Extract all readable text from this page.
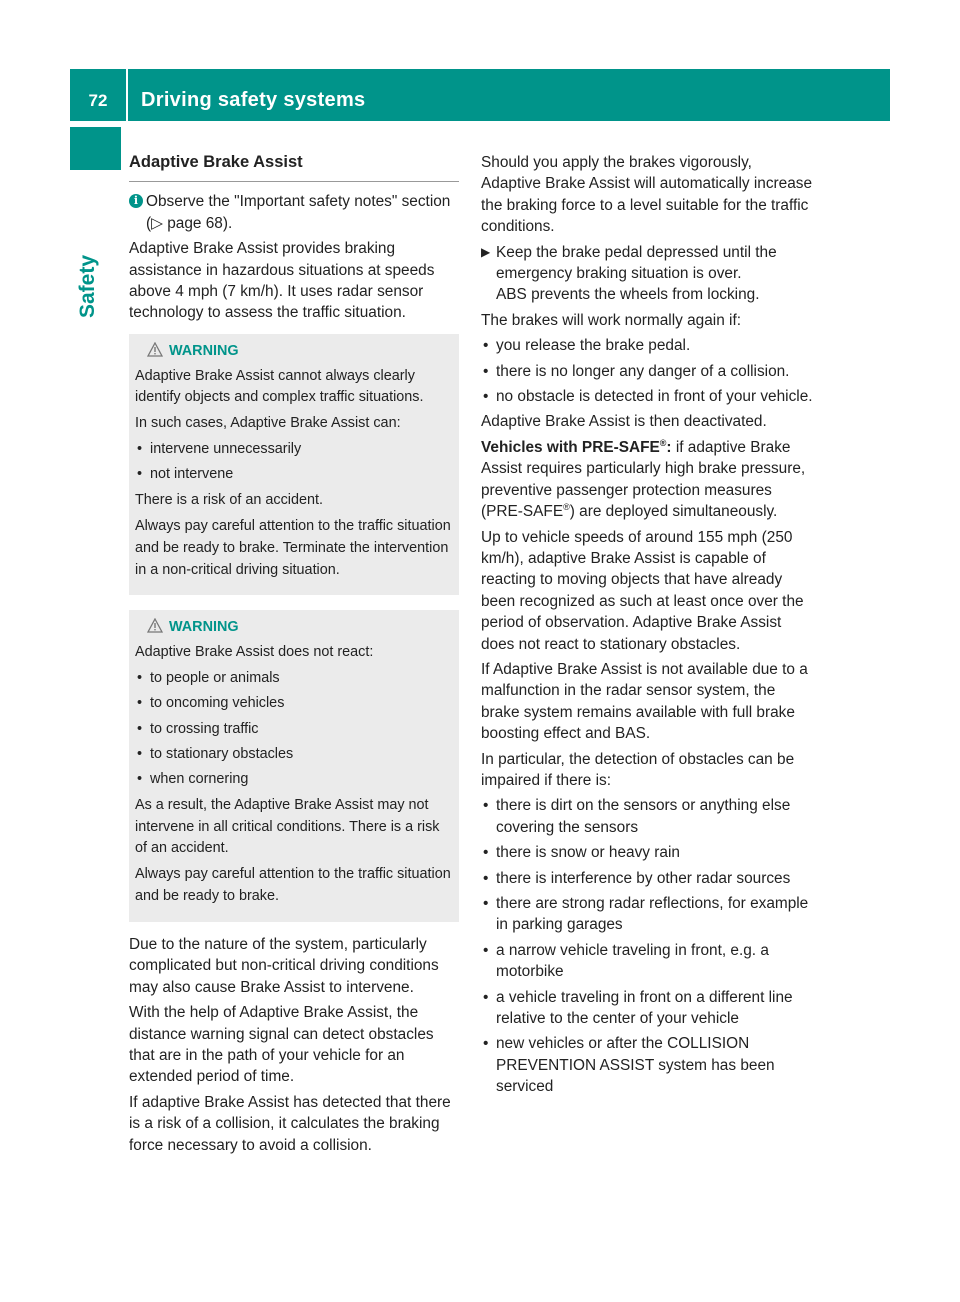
72	Driving safety systems
Safety
Adaptive Brake Assist
i Observe the "Important safety notes" section (▷ page 68).

Adaptive Brake Assist provides braking assistance in hazardous situations at speeds above 4 mph (7 km/h). It uses radar sensor technology to assess the traffic situation.

WARNING

Adaptive Brake Assist cannot always clearly identify objects and complex traffic situations.

In such cases, Adaptive Brake Assist can:

• intervene unnecessarily
• not intervene

There is a risk of an accident.

Always pay careful attention to the traffic situation and be ready to brake. Terminate the intervention in a non-critical driving situation.

WARNING

Adaptive Brake Assist does not react:

• to people or animals
• to oncoming vehicles
• to crossing traffic
• to stationary obstacles
• when cornering

As a result, the Adaptive Brake Assist may not intervene in all critical conditions. There is a risk of an accident.

Always pay careful attention to the traffic situation and be ready to brake.

Due to the nature of the system, particularly complicated but non-critical driving conditions may also cause Brake Assist to intervene.

With the help of Adaptive Brake Assist, the distance warning signal can detect obstacles that are in the path of your vehicle for an extended period of time.

If adaptive Brake Assist has detected that there is a risk of a collision, it calculates the braking force necessary to avoid a collision.

Should you apply the brakes vigorously, Adaptive Brake Assist will automatically increase the braking force to a level suitable for the traffic conditions.

▶ Keep the brake pedal depressed until the emergency braking situation is over.
ABS prevents the wheels from locking.

The brakes will work normally again if:

• you release the brake pedal.
• there is no longer any danger of a collision.
• no obstacle is detected in front of your vehicle.

Adaptive Brake Assist is then deactivated.

Vehicles with PRE-SAFE®: if adaptive Brake Assist requires particularly high brake pressure, preventive passenger protection measures (PRE-SAFE®) are deployed simultaneously.

Up to vehicle speeds of around 155 mph (250 km/h), adaptive Brake Assist is capable of reacting to moving objects that have already been recognized as such at least once over the period of observation. Adaptive Brake Assist does not react to stationary obstacles.

If Adaptive Brake Assist is not available due to a malfunction in the radar sensor system, the brake system remains available with full brake boosting effect and BAS.

In particular, the detection of obstacles can be impaired if there is:

• there is dirt on the sensors or anything else covering the sensors
• there is snow or heavy rain
• there is interference by other radar sources
• there are strong radar reflections, for example in parking garages
• a narrow vehicle traveling in front, e.g. a motorbike
• a vehicle traveling in front on a different line relative to the center of your vehicle
• new vehicles or after the COLLISION PREVENTION ASSIST system has been serviced
